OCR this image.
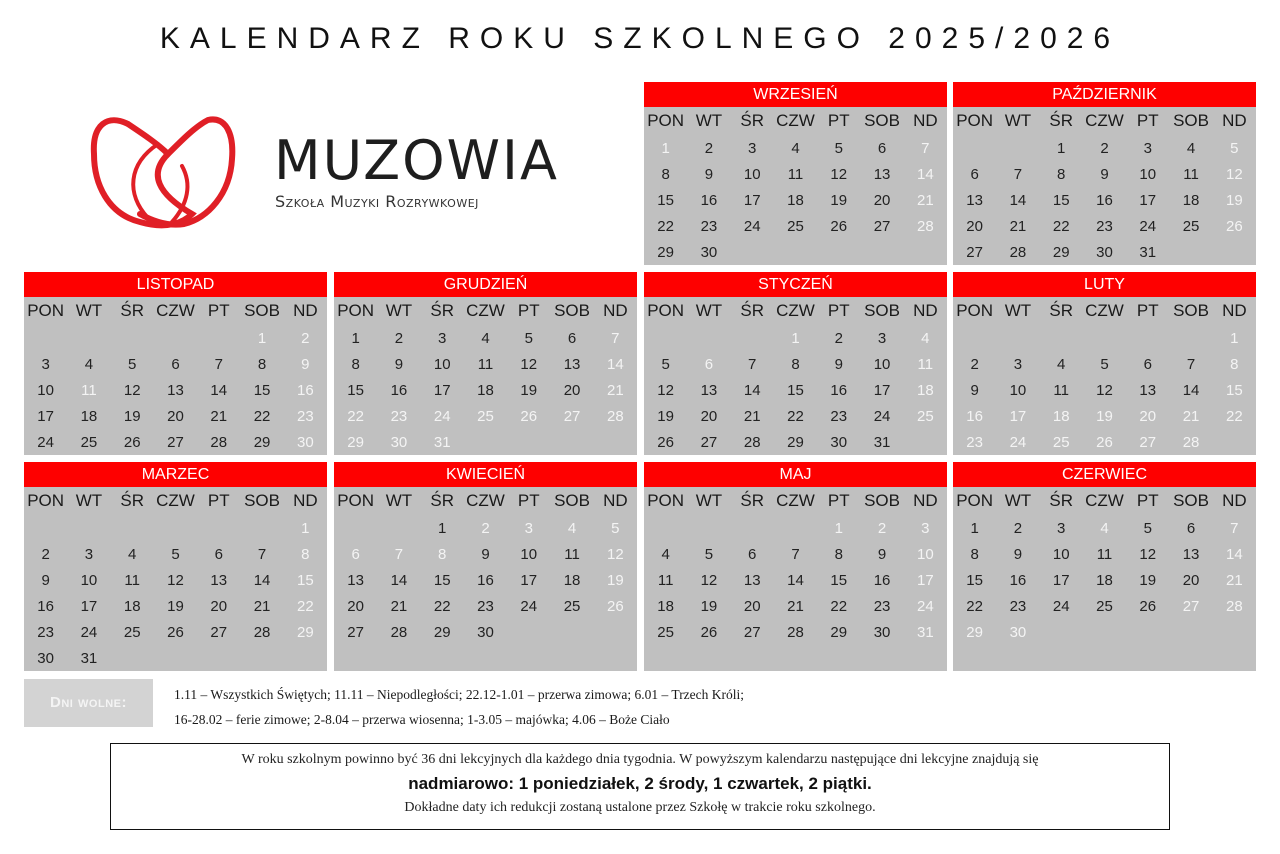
KALENDARZ ROKU SZKOLNEGO 2025/2026
MUZOWIA
Szkoła Muzyki Rozrywkowej
WRZESIEŃ
PON	WT	ŚR	CZW	PT	SOB	ND
1	2	3	4	5	6	7
8	9	10	11	12	13	14
15	16	17	18	19	20	21
22	23	24	25	26	27	28
29	30					
PAŹDZIERNIK
PON	WT	ŚR	CZW	PT	SOB	ND
		1	2	3	4	5
6	7	8	9	10	11	12
13	14	15	16	17	18	19
20	21	22	23	24	25	26
27	28	29	30	31		
LISTOPAD
PON	WT	ŚR	CZW	PT	SOB	ND
					1	2
3	4	5	6	7	8	9
10	11	12	13	14	15	16
17	18	19	20	21	22	23
24	25	26	27	28	29	30
GRUDZIEŃ
PON	WT	ŚR	CZW	PT	SOB	ND
1	2	3	4	5	6	7
8	9	10	11	12	13	14
15	16	17	18	19	20	21
22	23	24	25	26	27	28
29	30	31				
STYCZEŃ
PON	WT	ŚR	CZW	PT	SOB	ND
			1	2	3	4
5	6	7	8	9	10	11
12	13	14	15	16	17	18
19	20	21	22	23	24	25
26	27	28	29	30	31	
LUTY
PON	WT	ŚR	CZW	PT	SOB	ND
						1
2	3	4	5	6	7	8
9	10	11	12	13	14	15
16	17	18	19	20	21	22
23	24	25	26	27	28	
MARZEC
PON	WT	ŚR	CZW	PT	SOB	ND
						1
2	3	4	5	6	7	8
9	10	11	12	13	14	15
16	17	18	19	20	21	22
23	24	25	26	27	28	29
30	31					
KWIECIEŃ
PON	WT	ŚR	CZW	PT	SOB	ND
		1	2	3	4	5
6	7	8	9	10	11	12
13	14	15	16	17	18	19
20	21	22	23	24	25	26
27	28	29	30			

MAJ
PON	WT	ŚR	CZW	PT	SOB	ND
				1	2	3
4	5	6	7	8	9	10
11	12	13	14	15	16	17
18	19	20	21	22	23	24
25	26	27	28	29	30	31

CZERWIEC
PON	WT	ŚR	CZW	PT	SOB	ND
1	2	3	4	5	6	7
8	9	10	11	12	13	14
15	16	17	18	19	20	21
22	23	24	25	26	27	28
29	30					

Dni wolne:	1.11 – Wszystkich Świętych; 11.11 – Niepodległości; 22.12-1.01 – przerwa zimowa; 6.01 – Trzech Króli;
16-28.02 – ferie zimowe; 2-8.04 – przerwa wiosenna; 1-3.05 – majówka; 4.06 – Boże Ciało
W roku szkolnym powinno być 36 dni lekcyjnych dla każdego dnia tygodnia. W powyższym kalendarzu następujące dni lekcyjne znajdują się
nadmiarowo: 1 poniedziałek, 2 środy, 1 czwartek, 2 piątki.
Dokładne daty ich redukcji zostaną ustalone przez Szkołę w trakcie roku szkolnego.
